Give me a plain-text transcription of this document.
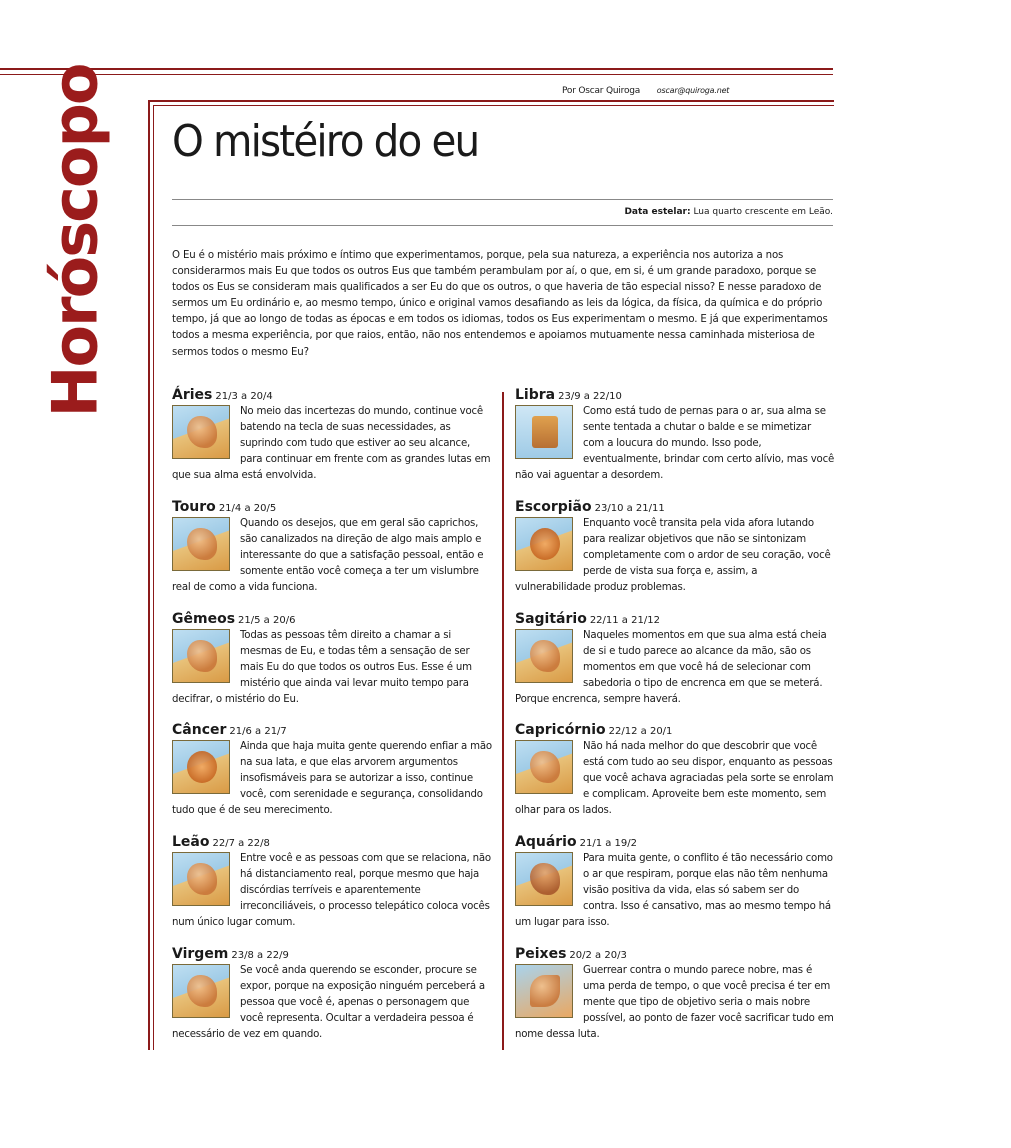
Por Oscar Quiroga oscar@quiroga.net
Horóscopo O mistéiro do eu
Data estelar: Lua quarto crescente em Leão.
O Eu é o mistério mais próximo e íntimo que experimentamos, porque, pela sua natureza, a experiência nos autoriza a nos considerarmos mais Eu que todos os outros Eus que também perambulam por aí, o que, em si, é um grande paradoxo, porque se todos os Eus se consideram mais qualificados a ser Eu do que os outros, o que haveria de tão especial nisso? E nesse paradoxo de sermos um Eu ordinário e, ao mesmo tempo, único e original vamos desafiando as leis da lógica, da física, da química e do próprio tempo, já que ao longo de todas as épocas e em todos os idiomas, todos os Eus experimentam o mesmo. E já que experimentamos todos a mesma experiência, por que raios, então, não nos entendemos e apoiamos mutuamente nessa caminhada misteriosa de sermos todos o mesmo Eu?
Áries 21/3 a 20/4
No meio das incertezas do mundo, continue você batendo na tecla de suas necessidades, as suprindo com tudo que estiver ao seu alcance, para continuar em frente com as grandes lutas em que sua alma está envolvida.
Touro 21/4 a 20/5
Quando os desejos, que em geral são caprichos, são canalizados na direção de algo mais amplo e interessante do que a satisfação pessoal, então e somente então você começa a ter um vislumbre real de como a vida funciona.
Gêmeos 21/5 a 20/6
Todas as pessoas têm direito a chamar a si mesmas de Eu, e todas têm a sensação de ser mais Eu do que todos os outros Eus. Esse é um mistério que ainda vai levar muito tempo para decifrar, o mistério do Eu.
Câncer 21/6 a 21/7
Ainda que haja muita gente querendo enfiar a mão na sua lata, e que elas arvorem argumentos insofismáveis para se autorizar a isso, continue você, com serenidade e segurança, consolidando tudo que é de seu merecimento.
Leão 22/7 a 22/8
Entre você e as pessoas com que se relaciona, não há distanciamento real, porque mesmo que haja discórdias terríveis e aparentemente irreconciliáveis, o processo telepático coloca vocês num único lugar comum.
Virgem 23/8 a 22/9
Se você anda querendo se esconder, procure se expor, porque na exposição ninguém perceberá a pessoa que você é, apenas o personagem que você representa. Ocultar a verdadeira pessoa é necessário de vez em quando.
Libra 23/9 a 22/10
Como está tudo de pernas para o ar, sua alma se sente tentada a chutar o balde e se mimetizar com a loucura do mundo. Isso pode, eventualmente, brindar com certo alívio, mas você não vai aguentar a desordem.
Escorpião 23/10 a 21/11
Enquanto você transita pela vida afora lutando para realizar objetivos que não se sintonizam completamente com o ardor de seu coração, você perde de vista sua força e, assim, a vulnerabilidade produz problemas.
Sagitário 22/11 a 21/12
Naqueles momentos em que sua alma está cheia de si e tudo parece ao alcance da mão, são os momentos em que você há de selecionar com sabedoria o tipo de encrenca em que se meterá. Porque encrenca, sempre haverá.
Capricórnio 22/12 a 20/1
Não há nada melhor do que descobrir que você está com tudo ao seu dispor, enquanto as pessoas que você achava agraciadas pela sorte se enrolam e complicam. Aproveite bem este momento, sem olhar para os lados.
Aquário 21/1 a 19/2
Para muita gente, o conflito é tão necessário como o ar que respiram, porque elas não têm nenhuma visão positiva da vida, elas só sabem ser do contra. Isso é cansativo, mas ao mesmo tempo há um lugar para isso.
Peixes 20/2 a 20/3
Guerrear contra o mundo parece nobre, mas é uma perda de tempo, o que você precisa é ter em mente que tipo de objetivo seria o mais nobre possível, ao ponto de fazer você sacrificar tudo em nome dessa luta.
